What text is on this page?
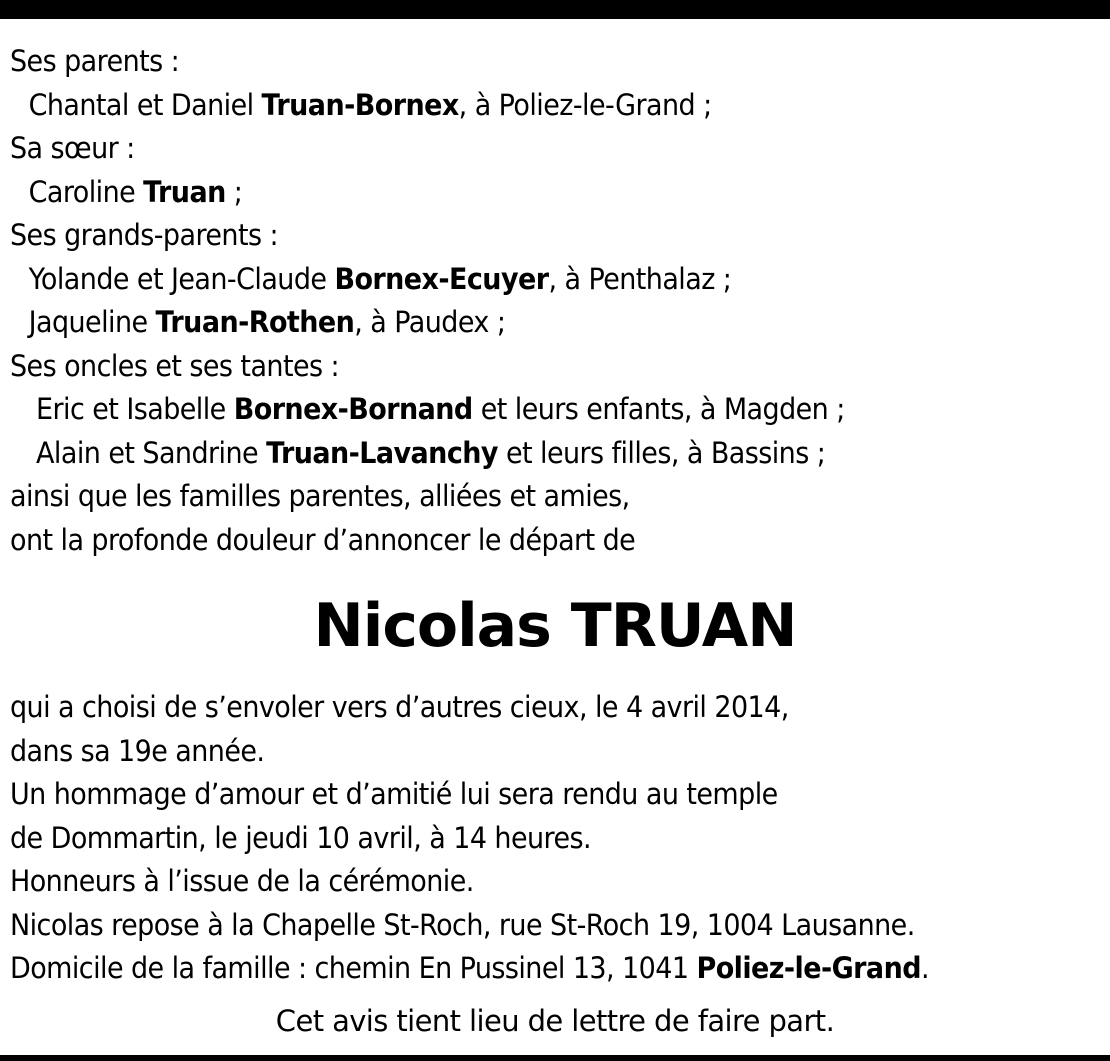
Ses parents :
Chantal et Daniel Truan-Bornex, à Poliez-le-Grand ;
Sa sœur :
Caroline Truan ;
Ses grands-parents :
Yolande et Jean-Claude Bornex-Ecuyer, à Penthalaz ;
Jaqueline Truan-Rothen, à Paudex ;
Ses oncles et ses tantes :
Eric et Isabelle Bornex-Bornand et leurs enfants, à Magden ;
Alain et Sandrine Truan-Lavanchy et leurs filles, à Bassins ;
ainsi que les familles parentes, alliées et amies,
ont la profonde douleur d’annoncer le départ de
Nicolas TRUAN
qui a choisi de s’envoler vers d’autres cieux, le 4 avril 2014,
dans sa 19e année.
Un hommage d’amour et d’amitié lui sera rendu au temple
de Dommartin, le jeudi 10 avril, à 14 heures.
Honneurs à l’issue de la cérémonie.
Nicolas repose à la Chapelle St-Roch, rue St-Roch 19, 1004 Lausanne.
Domicile de la famille : chemin En Pussinel 13, 1041 Poliez-le-Grand.
Cet avis tient lieu de lettre de faire part.
